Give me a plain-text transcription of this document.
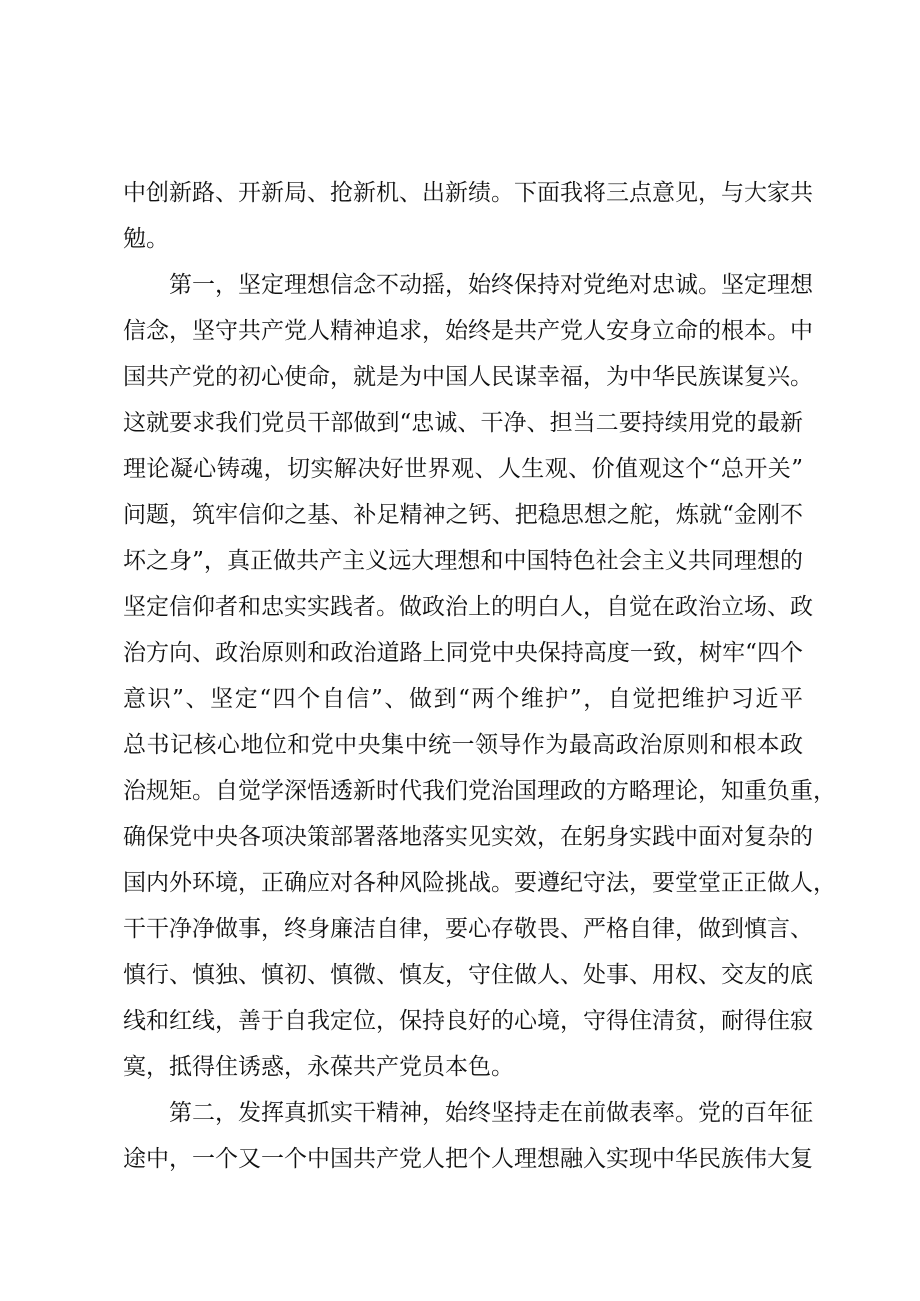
中创新路、开新局、抢新机、出新绩。下面我将三点意见，与大家共
勉。
第一，坚定理想信念不动摇，始终保持对党绝对忠诚。坚定理想
信念，坚守共产党人精神追求，始终是共产党人安身立命的根本。中
国共产党的初心使命，就是为中国人民谋幸福，为中华民族谋复兴。
这就要求我们党员干部做到“忠诚、干净、担当二要持续用党的最新
理论凝心铸魂，切实解决好世界观、人生观、价值观这个“总开关”
问题，筑牢信仰之基、补足精神之钙、把稳思想之舵，炼就“金刚不
坏之身”，真正做共产主义远大理想和中国特色社会主义共同理想的
坚定信仰者和忠实实践者。做政治上的明白人，自觉在政治立场、政
治方向、政治原则和政治道路上同党中央保持高度一致，树牢“四个
意识”、坚定“四个自信”、做到“两个维护”，自觉把维护习近平
总书记核心地位和党中央集中统一领导作为最高政治原则和根本政
治规矩。自觉学深悟透新时代我们党治国理政的方略理论，知重负重，
确保党中央各项决策部署落地落实见实效，在躬身实践中面对复杂的
国内外环境，正确应对各种风险挑战。要遵纪守法，要堂堂正正做人，
干干净净做事，终身廉洁自律，要心存敬畏、严格自律，做到慎言、
慎行、慎独、慎初、慎微、慎友，守住做人、处事、用权、交友的底
线和红线，善于自我定位，保持良好的心境，守得住清贫，耐得住寂
寞，抵得住诱惑，永葆共产党员本色。
第二，发挥真抓实干精神，始终坚持走在前做表率。党的百年征
途中，一个又一个中国共产党人把个人理想融入实现中华民族伟大复
